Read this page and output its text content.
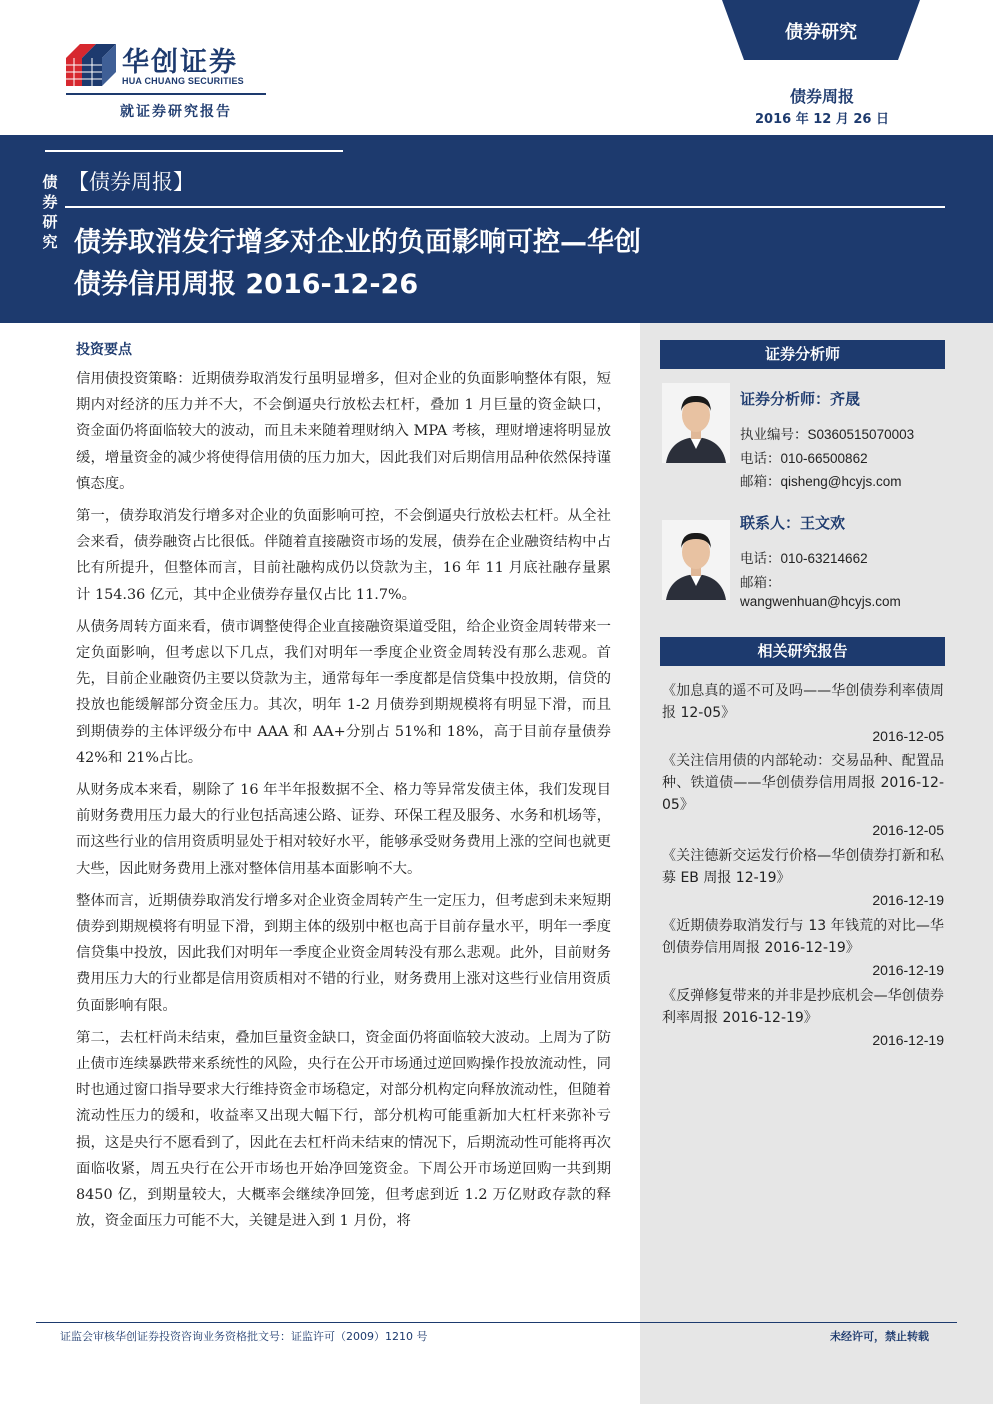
华创证券
HUA CHUANG SECURITIES
就证券研究报告
债券研究
债券周报
2016 年 12 月 26 日
债券研究
【债券周报】
债券取消发行增多对企业的负面影响可控—华创债券信用周报 2016-12-26
投资要点

信用债投资策略：近期债券取消发行虽明显增多，但对企业的负面影响整体有限，短期内对经济的压力并不大，不会倒逼央行放松去杠杆，叠加 1 月巨量的资金缺口，资金面仍将面临较大的波动，而且未来随着理财纳入 MPA 考核，理财增速将明显放缓，增量资金的减少将使得信用债的压力加大，因此我们对后期信用品种依然保持谨慎态度。

第一，债券取消发行增多对企业的负面影响可控，不会倒逼央行放松去杠杆。从全社会来看，债券融资占比很低。伴随着直接融资市场的发展，债券在企业融资结构中占比有所提升，但整体而言，目前社融构成仍以贷款为主，16 年 11 月底社融存量累计 154.36 亿元，其中企业债券存量仅占比 11.7%。

从债务周转方面来看，债市调整使得企业直接融资渠道受阻，给企业资金周转带来一定负面影响，但考虑以下几点，我们对明年一季度企业资金周转没有那么悲观。首先，目前企业融资仍主要以贷款为主，通常每年一季度都是信贷集中投放期，信贷的投放也能缓解部分资金压力。其次，明年 1-2 月债券到期规模将有明显下滑，而且到期债券的主体评级分布中 AAA 和 AA+分别占 51%和 18%，高于目前存量债券 42%和 21%占比。

从财务成本来看，剔除了 16 年半年报数据不全、格力等异常发债主体，我们发现目前财务费用压力最大的行业包括高速公路、证券、环保工程及服务、水务和机场等，而这些行业的信用资质明显处于相对较好水平，能够承受财务费用上涨的空间也就更大些，因此财务费用上涨对整体信用基本面影响不大。

整体而言，近期债券取消发行增多对企业资金周转产生一定压力，但考虑到未来短期债券到期规模将有明显下滑，到期主体的级别中枢也高于目前存量水平，明年一季度信贷集中投放，因此我们对明年一季度企业资金周转没有那么悲观。此外，目前财务费用压力大的行业都是信用资质相对不错的行业，财务费用上涨对这些行业信用资质负面影响有限。

第二，去杠杆尚未结束，叠加巨量资金缺口，资金面仍将面临较大波动。上周为了防止债市连续暴跌带来系统性的风险，央行在公开市场通过逆回购操作投放流动性，同时也通过窗口指导要求大行维持资金市场稳定，对部分机构定向释放流动性，但随着流动性压力的缓和，收益率又出现大幅下行，部分机构可能重新加大杠杆来弥补亏损，这是央行不愿看到了，因此在去杠杆尚未结束的情况下，后期流动性可能将再次面临收紧，周五央行在公开市场也开始净回笼资金。下周公开市场逆回购一共到期 8450 亿，到期量较大，大概率会继续净回笼，但考虑到近 1.2 万亿财政存款的释放，资金面压力可能不大，关键是进入到 1 月份，将

证券分析师
证券分析师：齐晟
执业编号：S0360515070003
电话：010-66500862
邮箱：qisheng@hcyjs.com
联系人：王文欢
电话：010-63214662
邮箱：
wangwenhuan@hcyjs.com
相关研究报告
《加息真的遥不可及吗——华创债券利率债周报 12-05》
2016-12-05
《关注信用债的内部轮动：交易品种、配置品种、铁道债——华创债券信用周报 2016-12-05》
2016-12-05
《关注德新交运发行价格—华创债券打新和私募 EB 周报 12-19》
2016-12-19
《近期债券取消发行与 13 年钱荒的对比—华创债券信用周报 2016-12-19》
2016-12-19
《反弹修复带来的并非是抄底机会—华创债券利率周报 2016-12-19》
2016-12-19
证监会审核华创证券投资咨询业务资格批文号：证监许可（2009）1210 号	未经许可，禁止转载
